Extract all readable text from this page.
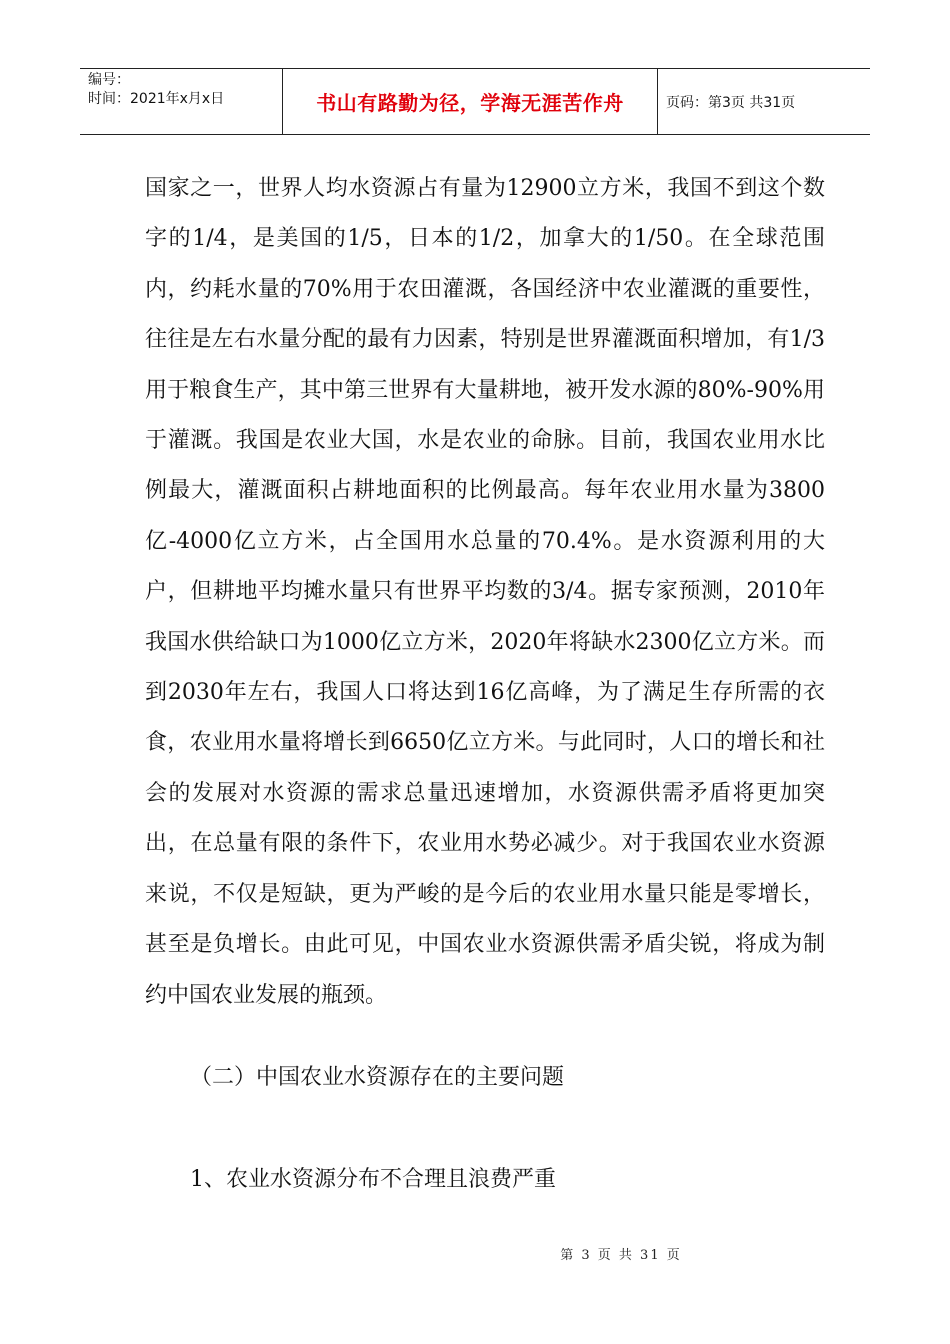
编号：
时间：2021年x月x日	书山有路勤为径，学海无涯苦作舟	页码：第3页 共31页

国家之一，世界人均水资源占有量为12900立方米，我国不到这个数字的1/4，是美国的1/5，日本的1/2，加拿大的1/50。在全球范围内，约耗水量的70%用于农田灌溉，各国经济中农业灌溉的重要性，往往是左右水量分配的最有力因素，特别是世界灌溉面积增加，有1/3用于粮食生产，其中第三世界有大量耕地，被开发水源的80%-90%用于灌溉。我国是农业大国，水是农业的命脉。目前，我国农业用水比例最大，灌溉面积占耕地面积的比例最高。每年农业用水量为3800亿-4000亿立方米，占全国用水总量的70.4%。是水资源利用的大户，但耕地平均摊水量只有世界平均数的3/4。据专家预测，2010年我国水供给缺口为1000亿立方米，2020年将缺水2300亿立方米。而到2030年左右，我国人口将达到16亿高峰，为了满足生存所需的衣食，农业用水量将增长到6650亿立方米。与此同时，人口的增长和社会的发展对水资源的需求总量迅速增加，水资源供需矛盾将更加突出，在总量有限的条件下，农业用水势必减少。对于我国农业水资源来说，不仅是短缺，更为严峻的是今后的农业用水量只能是零增长，甚至是负增长。由此可见，中国农业水资源供需矛盾尖锐，将成为制约中国农业发展的瓶颈。

（二）中国农业水资源存在的主要问题
1、农业水资源分布不合理且浪费严重
第 3 页 共 31 页
